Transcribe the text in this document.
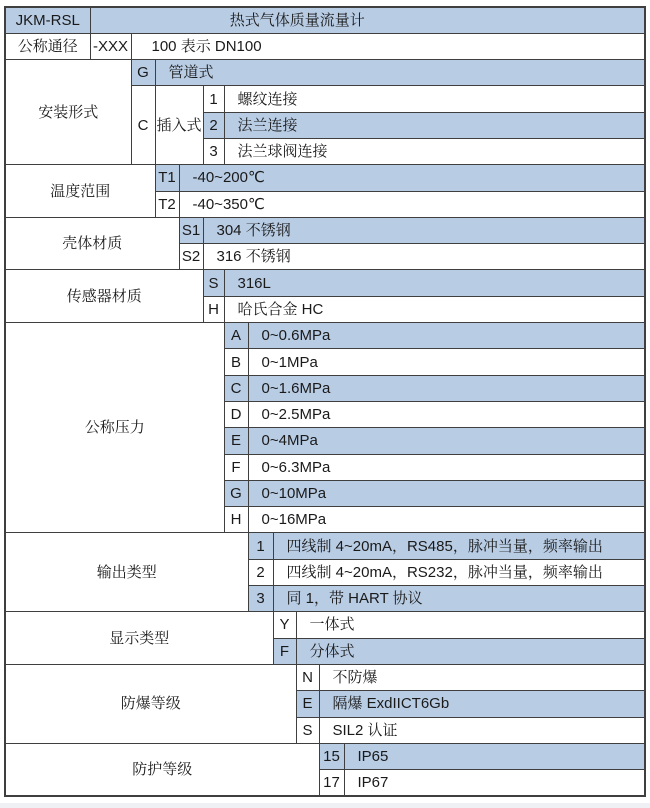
JKM-RSL	热式气体质量流量计										
公称通径	-XXX	100 表示 DN100									
安装形式		G	管道式								
		C	插入式		1	螺纹连接					
					2	法兰连接					
					3	法兰球阀连接					
温度范围			T1	-40~200℃							
			T2	-40~350℃							
壳体材质				S1	304 不锈钢						
				S2	316 不锈钢						
传感器材质					S	316L					
					H	哈氏合金 HC					
公称压力						A	0~0.6MPa				
						B	0~1MPa				
						C	0~1.6MPa				
						D	0~2.5MPa				
						E	0~4MPa				
						F	0~6.3MPa				
						G	0~10MPa				
						H	0~16MPa				
输出类型							1	四线制 4~20mA，RS485，脉冲当量，频率输出			
							2	四线制 4~20mA，RS232，脉冲当量，频率输出			
							3	同 1，带 HART 协议			
显示类型								Y	一体式		
								F	分体式		
防爆等级									N	不防爆	
									E	隔爆 ExdIICT6Gb	
									S	SIL2 认证	
防护等级										15	IP65
										17	IP67
